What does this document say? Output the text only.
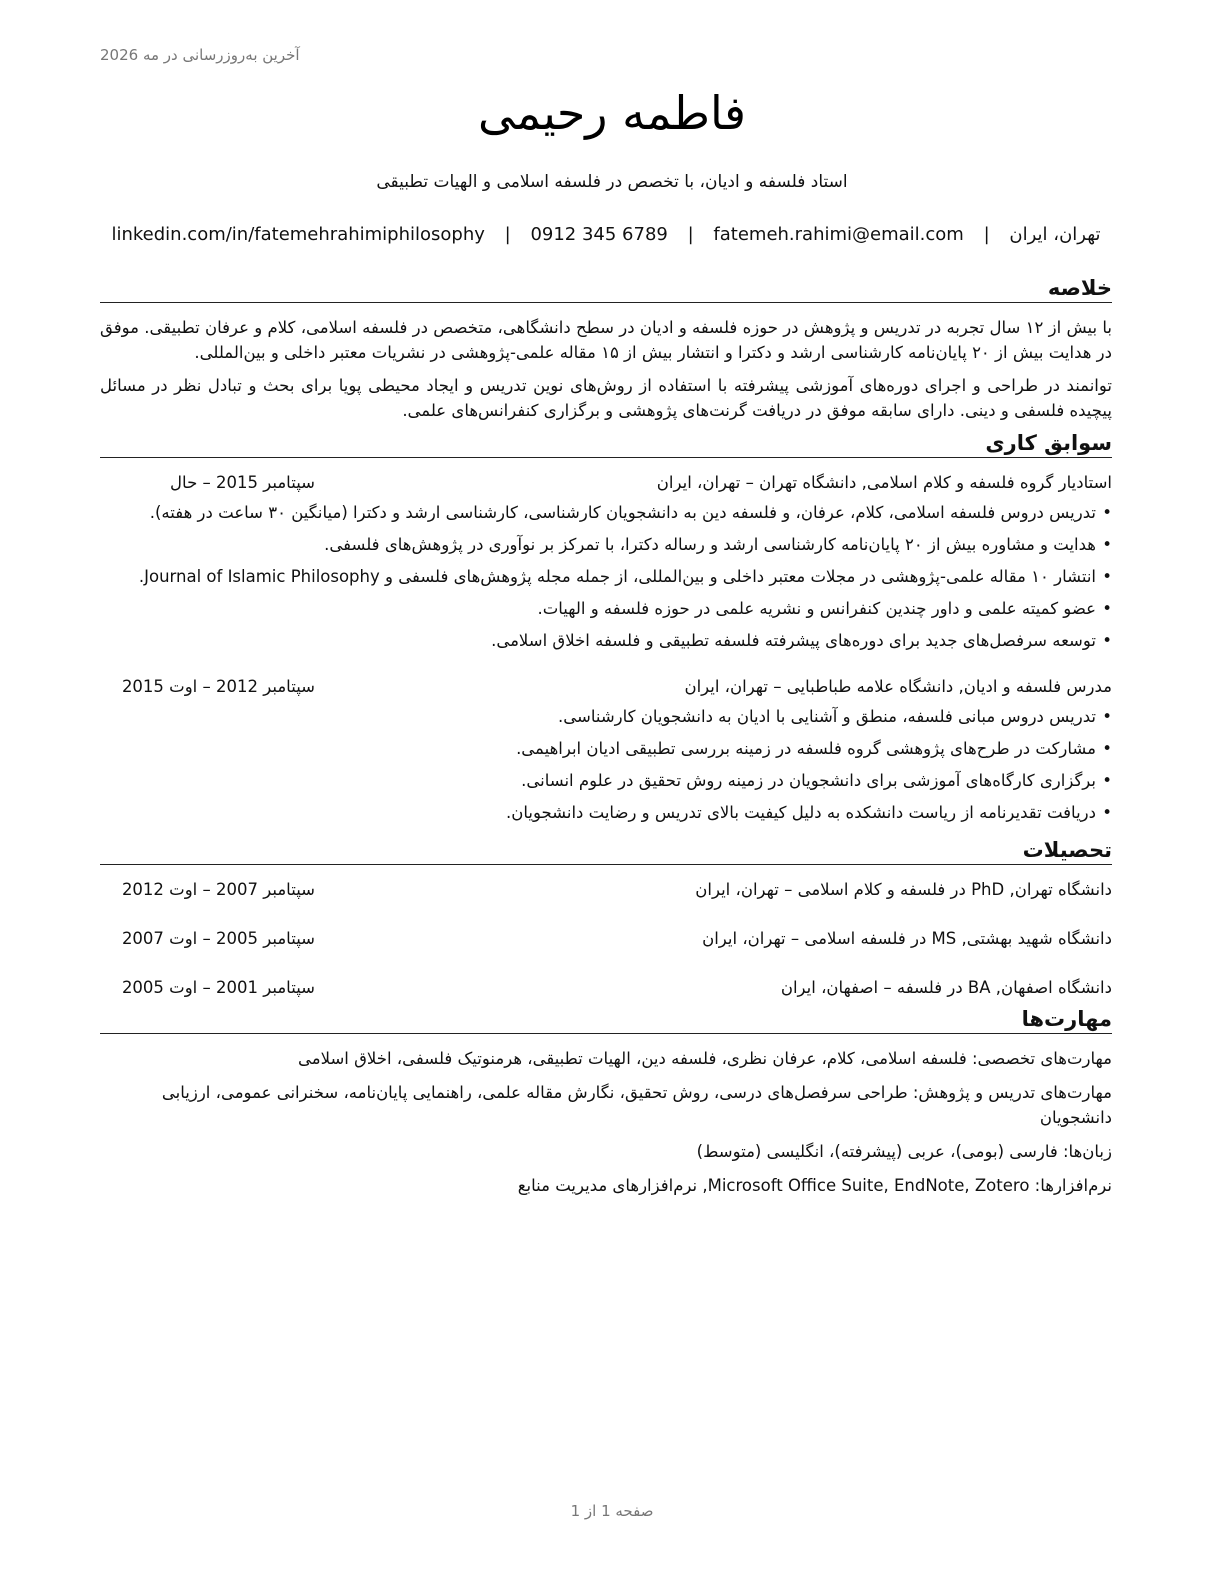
آخرین به‌روزرسانی در مه 2026
فاطمه رحیمی
استاد فلسفه و ادیان، با تخصص در فلسفه اسلامی و الهیات تطبیقی
تهران، ایران | fatemeh.rahimi@email.com | 0912 345 6789 | linkedin.com/in/fatemehrahimiphilosophy
خلاصه

با بیش از ۱۲ سال تجربه در تدریس و پژوهش در حوزه فلسفه و ادیان در سطح دانشگاهی، متخصص در فلسفه اسلامی، کلام و عرفان تطبیقی. موفق در هدایت بیش از ۲۰ پایان‌نامه کارشناسی ارشد و دکترا و انتشار بیش از ۱۵ مقاله علمی-پژوهشی در نشریات معتبر داخلی و بین‌المللی.

توانمند در طراحی و اجرای دوره‌های آموزشی پیشرفته با استفاده از روش‌های نوین تدریس و ایجاد محیطی پویا برای بحث و تبادل نظر در مسائل پیچیده فلسفی و دینی. دارای سابقه موفق در دریافت گرنت‌های پژوهشی و برگزاری کنفرانس‌های علمی.

سوابق کاری
استادیار گروه فلسفه و کلام اسلامی, دانشگاه تهران – تهران، ایران
سپتامبر 2015 – حال
• تدریس دروس فلسفه اسلامی، کلام، عرفان، و فلسفه دین به دانشجویان کارشناسی، کارشناسی ارشد و دکترا (میانگین ۳۰ ساعت در هفته).
• هدایت و مشاوره بیش از ۲۰ پایان‌نامه کارشناسی ارشد و رساله دکترا، با تمرکز بر نوآوری در پژوهش‌های فلسفی.
• انتشار ۱۰ مقاله علمی-پژوهشی در مجلات معتبر داخلی و بین‌المللی، از جمله مجله پژوهش‌های فلسفی و Journal of Islamic Philosophy.
• عضو کمیته علمی و داور چندین کنفرانس و نشریه علمی در حوزه فلسفه و الهیات.
• توسعه سرفصل‌های جدید برای دوره‌های پیشرفته فلسفه تطبیقی و فلسفه اخلاق اسلامی.
مدرس فلسفه و ادیان, دانشگاه علامه طباطبایی – تهران، ایران
سپتامبر 2012 – اوت 2015
• تدریس دروس مبانی فلسفه، منطق و آشنایی با ادیان به دانشجویان کارشناسی.
• مشارکت در طرح‌های پژوهشی گروه فلسفه در زمینه بررسی تطبیقی ادیان ابراهیمی.
• برگزاری کارگاه‌های آموزشی برای دانشجویان در زمینه روش تحقیق در علوم انسانی.
• دریافت تقدیرنامه از ریاست دانشکده به دلیل کیفیت بالای تدریس و رضایت دانشجویان.
تحصیلات
دانشگاه تهران, PhD در فلسفه و کلام اسلامی – تهران، ایران
سپتامبر 2007 – اوت 2012
دانشگاه شهید بهشتی, MS در فلسفه اسلامی – تهران، ایران
سپتامبر 2005 – اوت 2007
دانشگاه اصفهان, BA در فلسفه – اصفهان، ایران
سپتامبر 2001 – اوت 2005
مهارت‌ها

مهارت‌های تخصصی: فلسفه اسلامی، کلام، عرفان نظری، فلسفه دین، الهیات تطبیقی، هرمنوتیک فلسفی، اخلاق اسلامی

مهارت‌های تدریس و پژوهش: طراحی سرفصل‌های درسی، روش تحقیق، نگارش مقاله علمی، راهنمایی پایان‌نامه، سخنرانی عمومی، ارزیابی دانشجویان

زبان‌ها: فارسی (بومی)، عربی (پیشرفته)، انگلیسی (متوسط)

نرم‌افزارها: Microsoft Office Suite, EndNote, Zotero, نرم‌افزارهای مدیریت منابع

صفحه 1 از 1
